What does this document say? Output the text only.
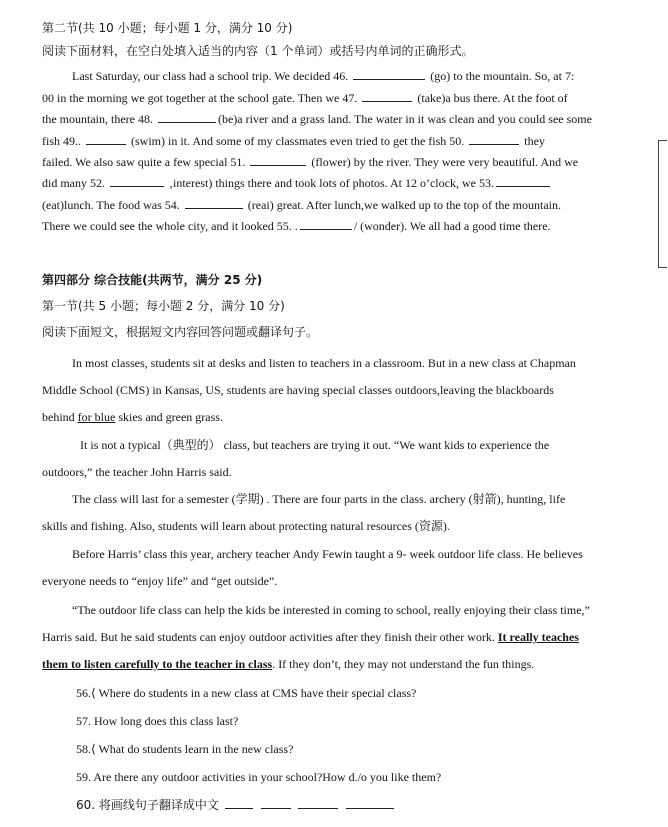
第二节(共 10 小题；每小题 1 分，满分 10 分)
阅读下面材料，在空白处填入适当的内容（1 个单词）或括号内单词的正确形式。
Last Saturday, our class had a school trip. We decided 46.	(go) to the mountain. So, at 7:
00 in the morning we got together at the school gate. Then we 47.	(take)a bus there. At the foot of
the mountain, there 48.	(be)a river and a grass land. The water in it was clean and you could see some
fish 49..	(swim) in it. And some of my classmates even tried to get the fish 50.	they
failed. We also saw quite a few special 51.	(flower) by the river. They were very beautiful. And we
did many 52.	‚interest) things there and took lots of photos. At 12 o’clock, we 53.
(eat)lunch. The food was 54.	(reai) great. After lunch,we walked up to the top of the mountain.
There we could see the whole city, and it looked 55. .	/ (wonder). We all had a good time there.
第四部分 综合技能(共两节，满分 25 分)
第一节(共 5 小题；每小题 2 分，满分 10 分)
阅读下面短文，根据短文内容回答问题或翻译句子。
In most classes, students sit at desks and listen to teachers in a classroom. But in a new class at Chapman
Middle School (CMS) in Kansas, US, students are having special classes outdoors,leaving the blackboards
behind for blue skies and green grass.
It is not a typical（典型的） class, but teachers are trying it out. “We want kids to experience the
outdoors,” the teacher John Harris said.
The class will last for a semester (学期) . There are four parts in the class. archery (射箭), hunting, life
skills and fishing. Also, students will learn about protecting natural resources (资源).
Before Harris’ class this year, archery teacher Andy Fewin taught a 9- week outdoor life class. He believes
everyone needs to “enjoy life” and “get outside”.
“The outdoor life class can help the kids be interested in coming to school, really enjoying their class time,”
Harris said. But he said students can enjoy outdoor activities after they finish their other work. It really teaches
them to listen carefully to the teacher in class. If they don’t, they may not understand the fun things.
56.⟨ Where do students in a new class at CMS have their special class?
57. How long does this class last?
58.⟨ What do students learn in the new class?
59. Are there any outdoor activities in your school?How d./o you like them?
60. 将画线句子翻译成中文
